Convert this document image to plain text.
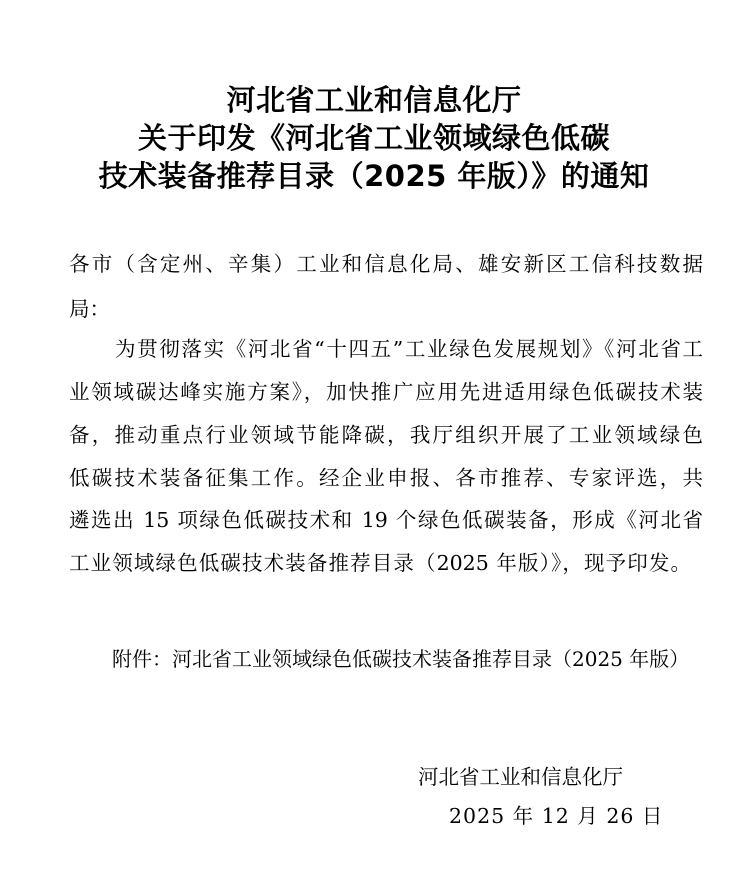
河北省工业和信息化厅
关于印发《河北省工业领域绿色低碳
技术装备推荐目录（2025 年版）》的通知
各市（含定州、辛集）工业和信息化局、雄安新区工信科技数据
局：
为贯彻落实《河北省“十四五”工业绿色发展规划》《河北省工
业领域碳达峰实施方案》，加快推广应用先进适用绿色低碳技术装
备，推动重点行业领域节能降碳，我厅组织开展了工业领域绿色
低碳技术装备征集工作。经企业申报、各市推荐、专家评选，共
遴选出 15 项绿色低碳技术和 19 个绿色低碳装备，形成《河北省
工业领域绿色低碳技术装备推荐目录（2025 年版）》，现予印发。
附件：河北省工业领域绿色低碳技术装备推荐目录（2025 年版）
河北省工业和信息化厅
2025 年 12 月 26 日
